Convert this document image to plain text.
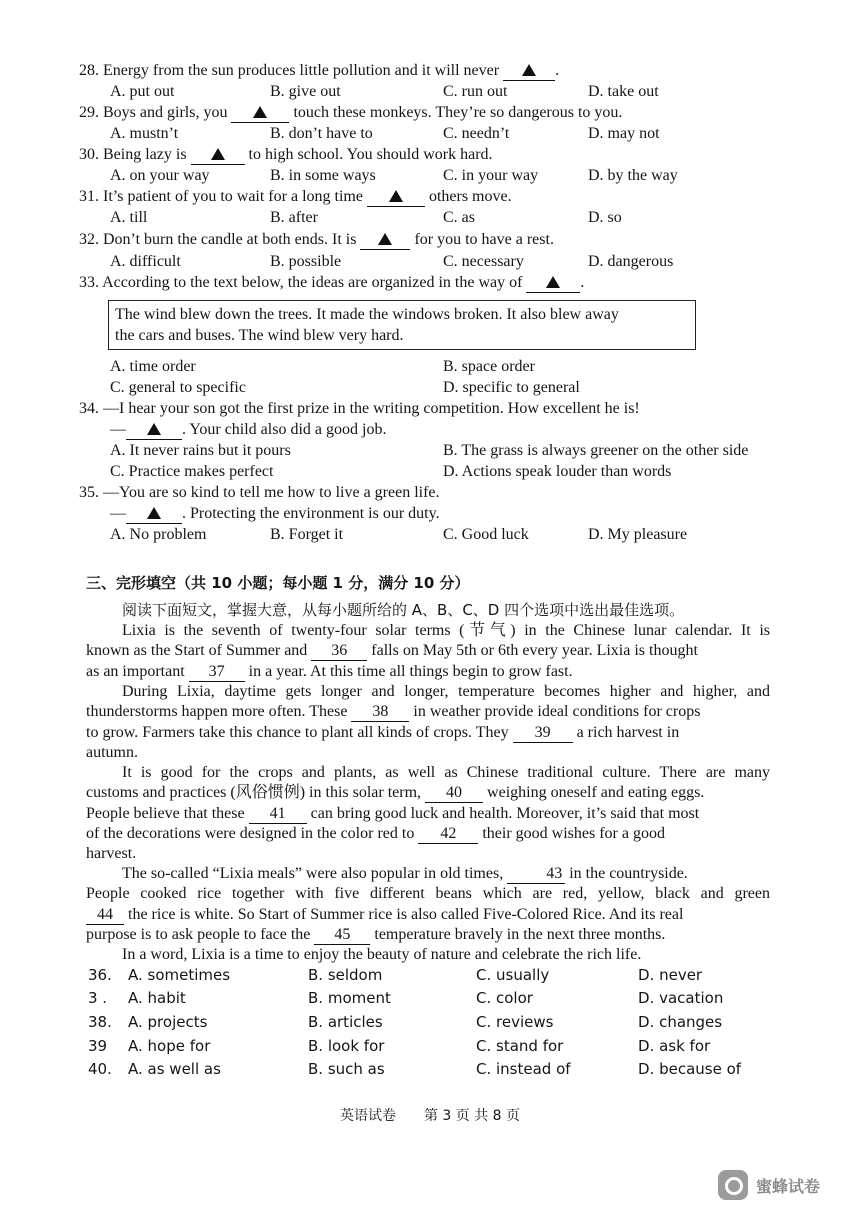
28. Energy from the sun produces little pollution and it will never	.
A. put out	B. give out	C. run out	D. take out
29. Boys and girls, you	touch these monkeys. They’re so dangerous to you.
A. mustn’t	B. don’t have to	C. needn’t	D. may not
30. Being lazy is	to high school. You should work hard.
A. on your way	B. in some ways	C. in your way	D. by the way
31. It’s patient of you to wait for a long time	others move.
A. till	B. after	C. as	D. so
32. Don’t burn the candle at both ends. It is	for you to have a rest.
A. difficult	B. possible	C. necessary	D. dangerous
33. According to the text below, the ideas are organized in the way of	.
The wind blew down the trees. It made the windows broken. It also blew away
the cars and buses. The wind blew very hard.
A. time order	B. space order
C. general to specific	D. specific to general
34. —I hear your son got the first prize in the writing competition. How excellent he is!
—	. Your child also did a good job.
A. It never rains but it pours	B. The grass is always greener on the other side
C. Practice makes perfect	D. Actions speak louder than words
35. —You are so kind to tell me how to live a green life.
—	. Protecting the environment is our duty.
A. No problem	B. Forget it	C. Good luck	D. My pleasure
三、完形填空（共 10 小题；每小题 1 分，满分 10 分）
阅读下面短文，掌握大意，从每小题所给的 A、B、C、D 四个选项中选出最佳选项。
Lixia is the seventh of twenty-four solar terms (节气) in the Chinese lunar calendar. It is
known as the Start of Summer and 36 falls on May 5th or 6th every year. Lixia is thought
as an important 37 in a year. At this time all things begin to grow fast.
During Lixia, daytime gets longer and longer, temperature becomes higher and higher, and
thunderstorms happen more often. These 38 in weather provide ideal conditions for crops
to grow. Farmers take this chance to plant all kinds of crops. They 39 a rich harvest in
autumn.
It is good for the crops and plants, as well as Chinese traditional culture. There are many
customs and practices (风俗惯例) in this solar term, 40 weighing oneself and eating eggs.
People believe that these 41 can bring good luck and health. Moreover, it’s said that most
of the decorations were designed in the color red to 42 their good wishes for a good
harvest.
The so-called “Lixia meals” were also popular in old times, 43 in the countryside.
People cooked rice together with five different beans which are red, yellow, black and green
44 the rice is white. So Start of Summer rice is also called Five-Colored Rice. And its real
purpose is to ask people to face the 45 temperature bravely in the next three months.
In a word, Lixia is a time to enjoy the beauty of nature and celebrate the rich life.
36. A. sometimes	B. seldom	C. usually	D. never
3 . A. habit	B. moment	C. color	D. vacation
38. A. projects	B. articles	C. reviews	D. changes
39 A. hope for	B. look for	C. stand for	D. ask for
40. A. as well as	B. such as	C. instead of	D. because of
英语试卷　　第 3 页 共 8 页
蜜蜂试卷
